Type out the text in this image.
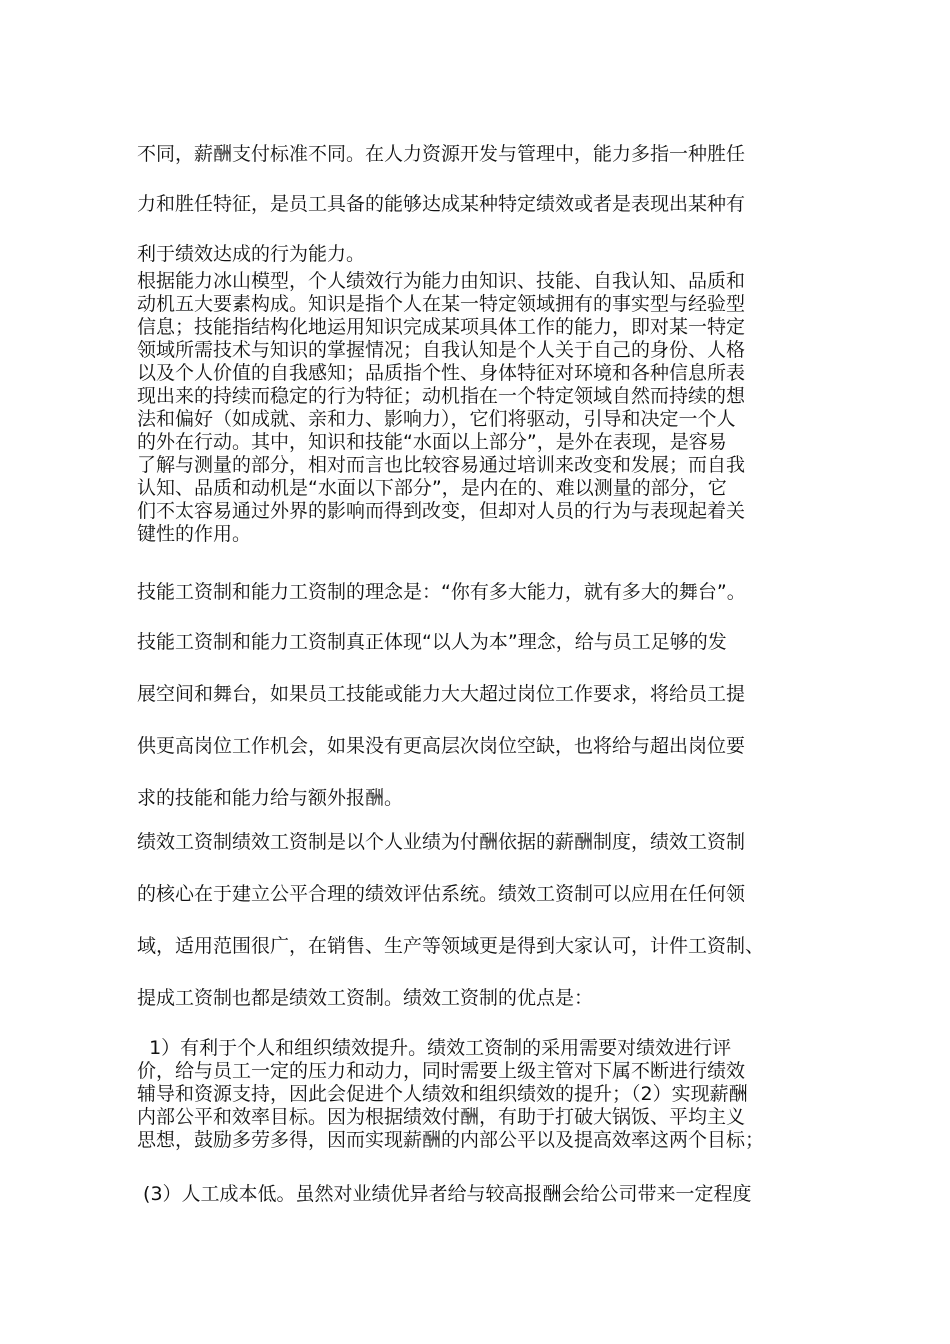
不同，薪酬支付标准不同。在人力资源开发与管理中，能力多指一种胜任
力和胜任特征，是员工具备的能够达成某种特定绩效或者是表现出某种有
利于绩效达成的行为能力。
根据能力冰山模型，个人绩效行为能力由知识、技能、自我认知、品质和
动机五大要素构成。知识是指个人在某一特定领域拥有的事实型与经验型
信息；技能指结构化地运用知识完成某项具体工作的能力，即对某一特定
领域所需技术与知识的掌握情况；自我认知是个人关于自己的身份、人格
以及个人价值的自我感知；品质指个性、身体特征对环境和各种信息所表
现出来的持续而稳定的行为特征；动机指在一个特定领域自然而持续的想
法和偏好（如成就、亲和力、影响力），它们将驱动，引导和决定一个人
的外在行动。其中，知识和技能“水面以上部分”，是外在表现，是容易
了解与测量的部分，相对而言也比较容易通过培训来改变和发展；而自我
认知、品质和动机是“水面以下部分”，是内在的、难以测量的部分，它
们不太容易通过外界的影响而得到改变，但却对人员的行为与表现起着关
键性的作用。
技能工资制和能力工资制的理念是：“你有多大能力，就有多大的舞台”。
技能工资制和能力工资制真正体现“以人为本”理念，给与员工足够的发
展空间和舞台，如果员工技能或能力大大超过岗位工作要求，将给员工提
供更高岗位工作机会，如果没有更高层次岗位空缺，也将给与超出岗位要
求的技能和能力给与额外报酬。
绩效工资制绩效工资制是以个人业绩为付酬依据的薪酬制度，绩效工资制
的核心在于建立公平合理的绩效评估系统。绩效工资制可以应用在任何领
域，适用范围很广，在销售、生产等领域更是得到大家认可，计件工资制、
提成工资制也都是绩效工资制。绩效工资制的优点是：
1）有利于个人和组织绩效提升。绩效工资制的采用需要对绩效进行评
价，给与员工一定的压力和动力，同时需要上级主管对下属不断进行绩效
辅导和资源支持，因此会促进个人绩效和组织绩效的提升；（2）实现薪酬
内部公平和效率目标。因为根据绩效付酬，有助于打破大锅饭、平均主义
思想，鼓励多劳多得，因而实现薪酬的内部公平以及提高效率这两个目标；
(3）人工成本低。虽然对业绩优异者给与较高报酬会给公司带来一定程度
